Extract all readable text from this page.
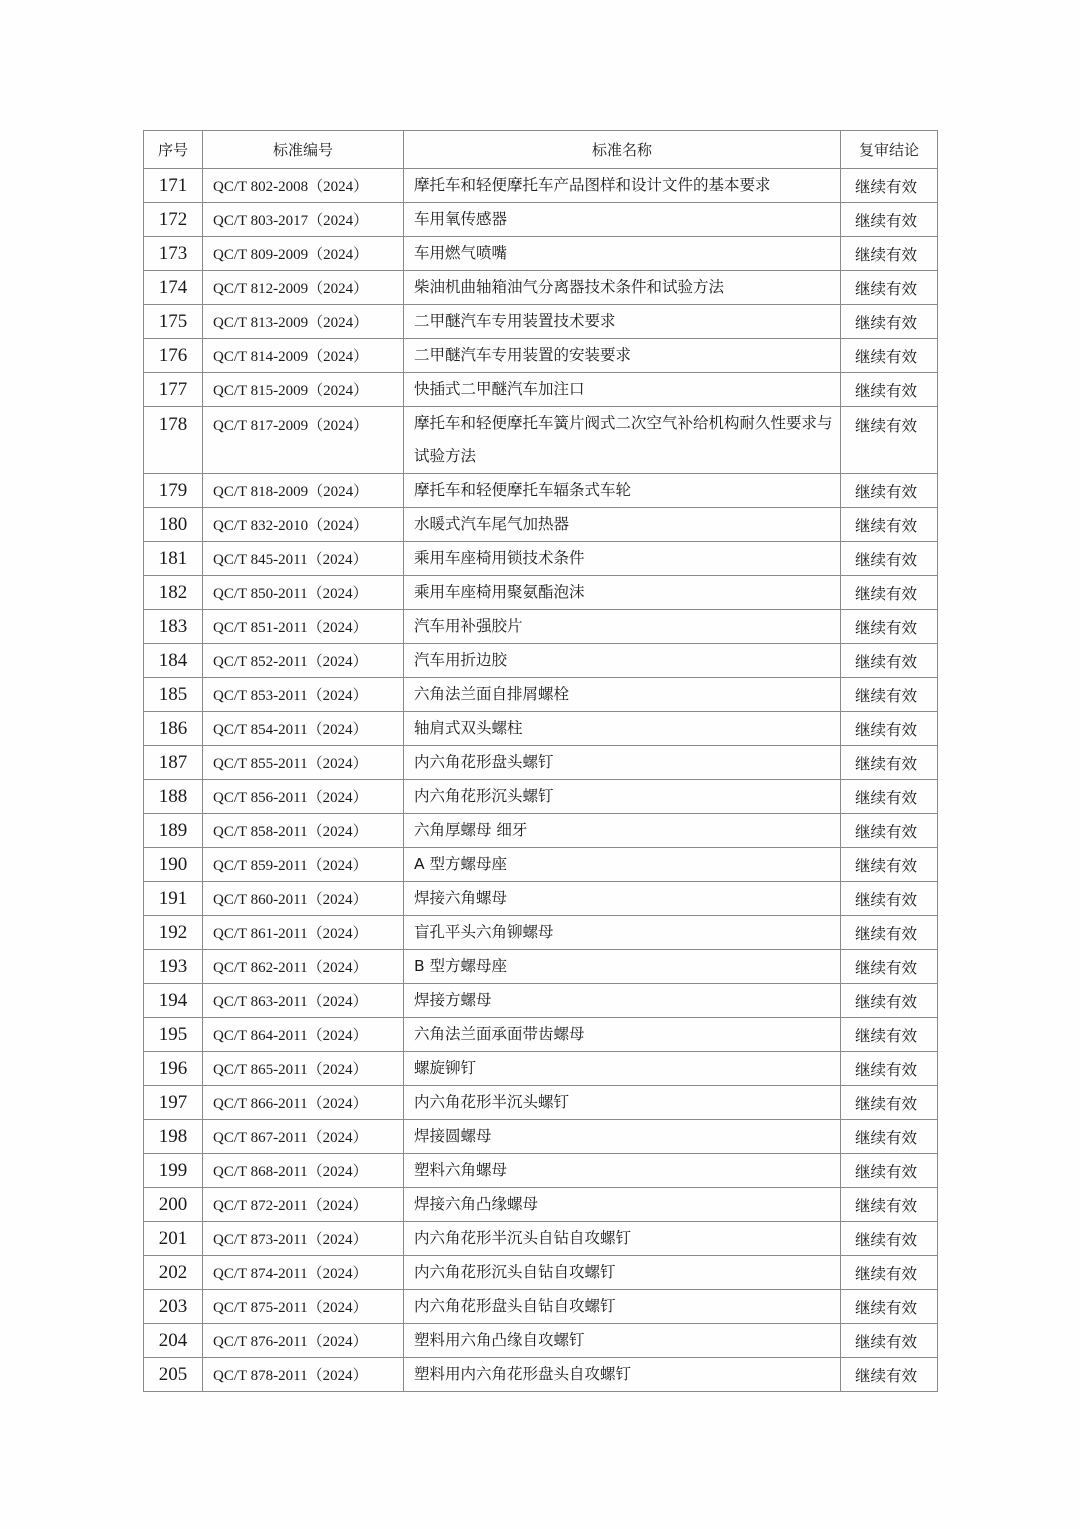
序号	标准编号	标准名称	复审结论
171	QC/T 802-2008（2024）	摩托车和轻便摩托车产品图样和设计文件的基本要求	继续有效
172	QC/T 803-2017（2024）	车用氧传感器	继续有效
173	QC/T 809-2009（2024）	车用燃气喷嘴	继续有效
174	QC/T 812-2009（2024）	柴油机曲轴箱油气分离器技术条件和试验方法	继续有效
175	QC/T 813-2009（2024）	二甲醚汽车专用装置技术要求	继续有效
176	QC/T 814-2009（2024）	二甲醚汽车专用装置的安装要求	继续有效
177	QC/T 815-2009（2024）	快插式二甲醚汽车加注口	继续有效
178	QC/T 817-2009（2024）	摩托车和轻便摩托车簧片阀式二次空气补给机构耐久性要求与试验方法	继续有效
179	QC/T 818-2009（2024）	摩托车和轻便摩托车辐条式车轮	继续有效
180	QC/T 832-2010（2024）	水暖式汽车尾气加热器	继续有效
181	QC/T 845-2011（2024）	乘用车座椅用锁技术条件	继续有效
182	QC/T 850-2011（2024）	乘用车座椅用聚氨酯泡沫	继续有效
183	QC/T 851-2011（2024）	汽车用补强胶片	继续有效
184	QC/T 852-2011（2024）	汽车用折边胶	继续有效
185	QC/T 853-2011（2024）	六角法兰面自排屑螺栓	继续有效
186	QC/T 854-2011（2024）	轴肩式双头螺柱	继续有效
187	QC/T 855-2011（2024）	内六角花形盘头螺钉	继续有效
188	QC/T 856-2011（2024）	内六角花形沉头螺钉	继续有效
189	QC/T 858-2011（2024）	六角厚螺母 细牙	继续有效
190	QC/T 859-2011（2024）	A 型方螺母座	继续有效
191	QC/T 860-2011（2024）	焊接六角螺母	继续有效
192	QC/T 861-2011（2024）	盲孔平头六角铆螺母	继续有效
193	QC/T 862-2011（2024）	B 型方螺母座	继续有效
194	QC/T 863-2011（2024）	焊接方螺母	继续有效
195	QC/T 864-2011（2024）	六角法兰面承面带齿螺母	继续有效
196	QC/T 865-2011（2024）	螺旋铆钉	继续有效
197	QC/T 866-2011（2024）	内六角花形半沉头螺钉	继续有效
198	QC/T 867-2011（2024）	焊接圆螺母	继续有效
199	QC/T 868-2011（2024）	塑料六角螺母	继续有效
200	QC/T 872-2011（2024）	焊接六角凸缘螺母	继续有效
201	QC/T 873-2011（2024）	内六角花形半沉头自钻自攻螺钉	继续有效
202	QC/T 874-2011（2024）	内六角花形沉头自钻自攻螺钉	继续有效
203	QC/T 875-2011（2024）	内六角花形盘头自钻自攻螺钉	继续有效
204	QC/T 876-2011（2024）	塑料用六角凸缘自攻螺钉	继续有效
205	QC/T 878-2011（2024）	塑料用内六角花形盘头自攻螺钉	继续有效
